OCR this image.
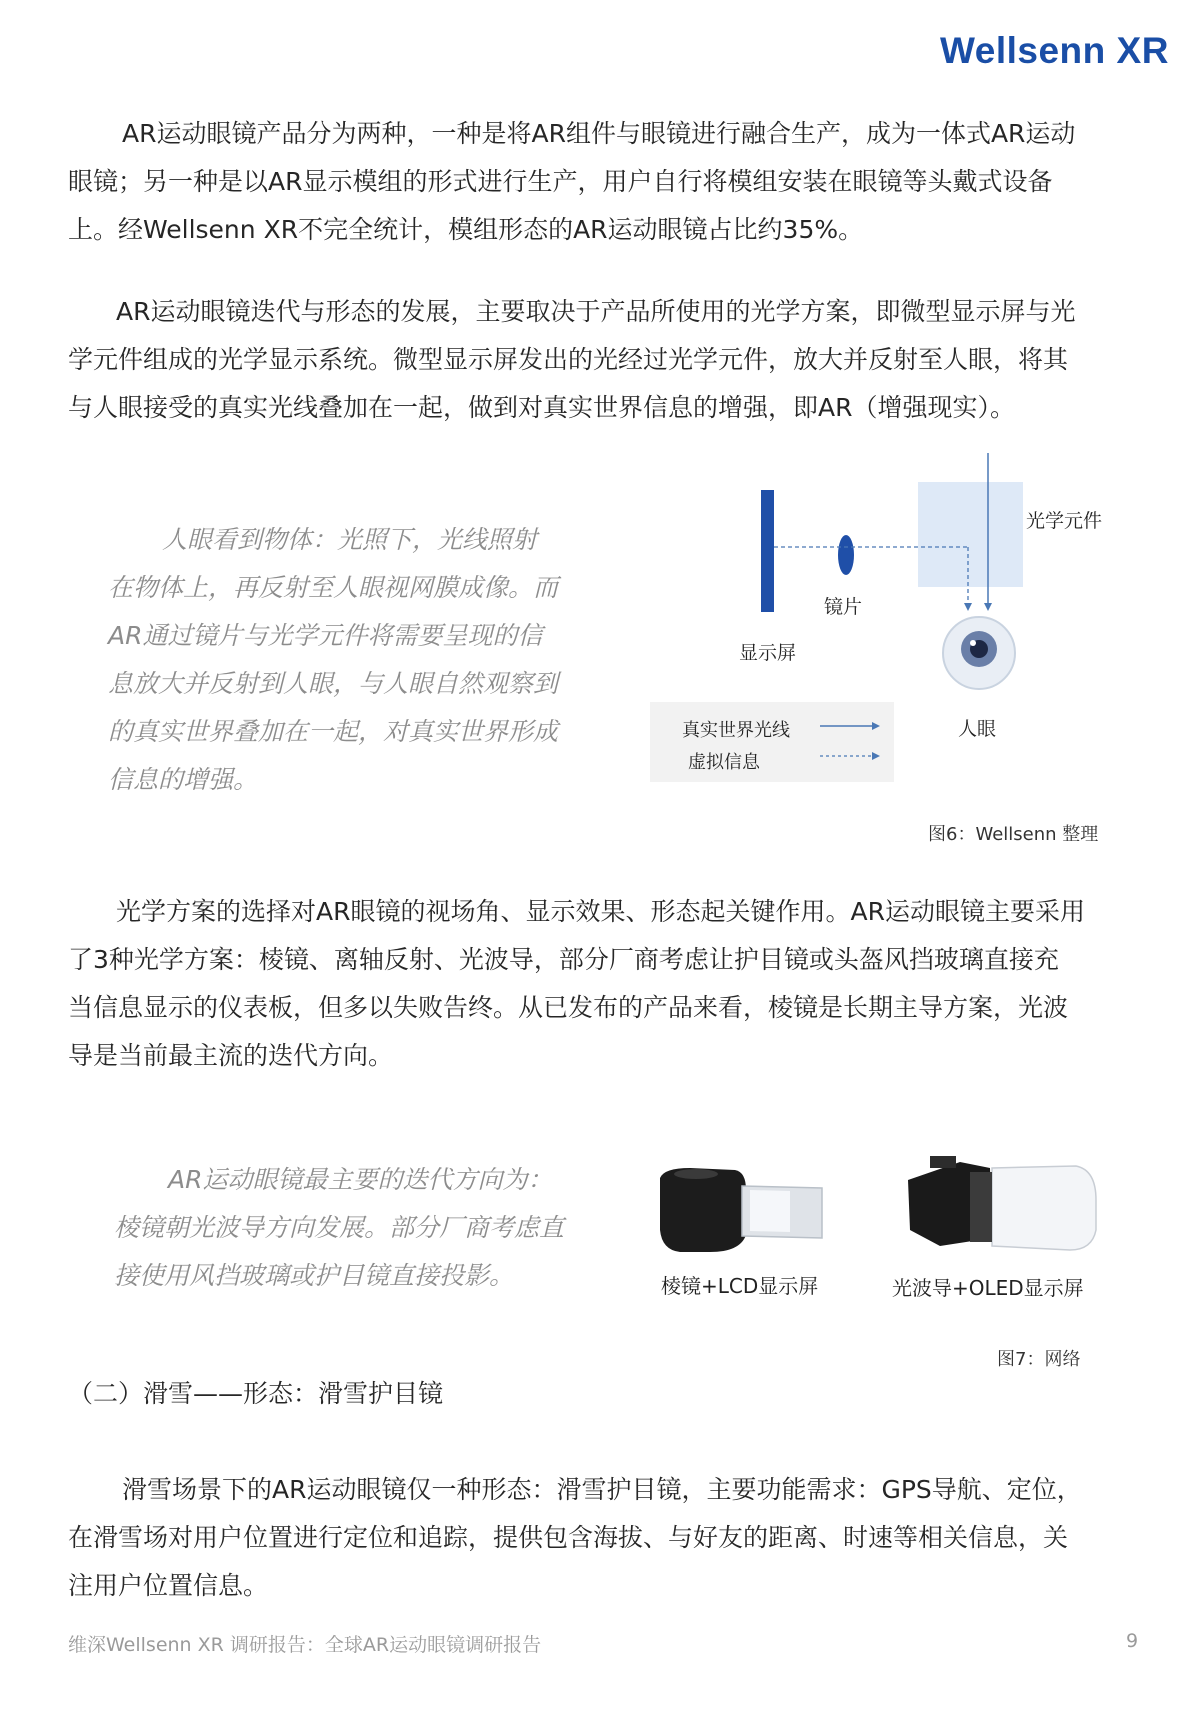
Wellsenn XR

AR运动眼镜产品分为两种，一种是将AR组件与眼镜进行融合生产，成为一体式AR运动

眼镜；另一种是以AR显示模组的形式进行生产，用户自行将模组安装在眼镜等头戴式设备

上。经Wellsenn XR不完全统计，模组形态的AR运动眼镜占比约35%。

AR运动眼镜迭代与形态的发展，主要取决于产品所使用的光学方案，即微型显示屏与光

学元件组成的光学显示系统。微型显示屏发出的光经过光学元件，放大并反射至人眼，将其

与人眼接受的真实光线叠加在一起，做到对真实世界信息的增强，即AR（增强现实）。

人眼看到物体：光照下，光线照射

在物体上，再反射至人眼视网膜成像。而

AR通过镜片与光学元件将需要呈现的信

息放大并反射到人眼，与人眼自然观察到

的真实世界叠加在一起，对真实世界形成

信息的增强。

光学元件
镜片
显示屏
人眼
真实世界光线
虚拟信息
图6：Wellsenn 整理

光学方案的选择对AR眼镜的视场角、显示效果、形态起关键作用。AR运动眼镜主要采用

了3种光学方案：棱镜、离轴反射、光波导，部分厂商考虑让护目镜或头盔风挡玻璃直接充

当信息显示的仪表板，但多以失败告终。从已发布的产品来看，棱镜是长期主导方案，光波

导是当前最主流的迭代方向。

AR运动眼镜最主要的迭代方向为：

棱镜朝光波导方向发展。部分厂商考虑直

接使用风挡玻璃或护目镜直接投影。	棱镜+LCD显示屏	光波导+OLED显示屏
图7：网络
（二）滑雪——形态：滑雪护目镜

滑雪场景下的AR运动眼镜仅一种形态：滑雪护目镜，主要功能需求：GPS导航、定位，

在滑雪场对用户位置进行定位和追踪，提供包含海拔、与好友的距离、时速等相关信息，关

注用户位置信息。

维深Wellsenn XR 调研报告：全球AR运动眼镜调研报告	9
